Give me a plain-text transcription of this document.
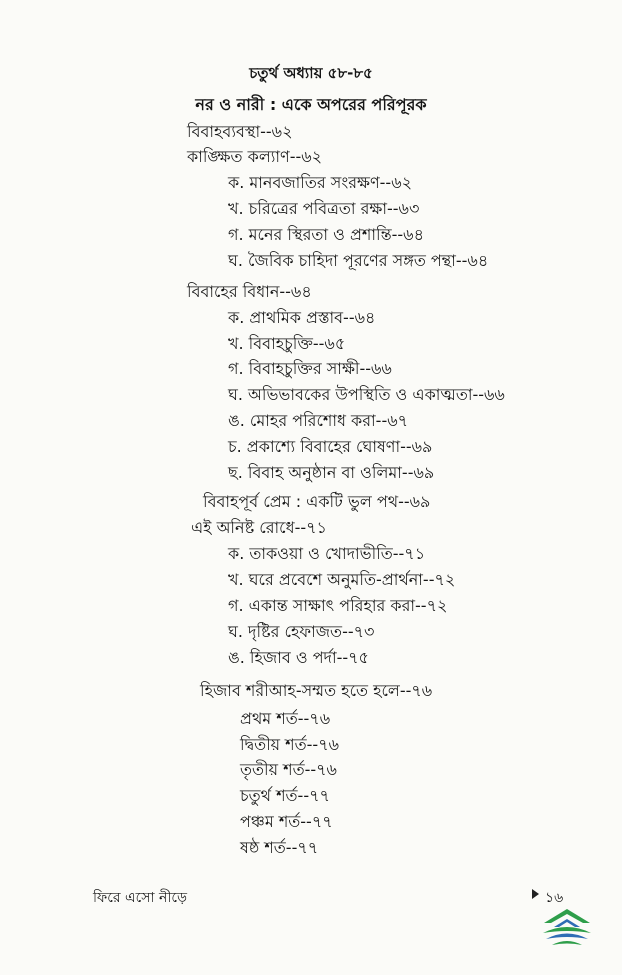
চতুর্থ অধ্যায় ৫৮-৮৫
নর ও নারী : একে অপরের পরিপূরক
বিবাহব্যবস্থা--৬২
কাঙ্ক্ষিত কল্যাণ--৬২
ক. মানবজাতির সংরক্ষণ--৬২
খ. চরিত্রের পবিত্রতা রক্ষা--৬৩
গ. মনের স্থিরতা ও প্রশান্তি--৬৪
ঘ. জৈবিক চাহিদা পূরণের সঙ্গত পন্থা--৬৪
বিবাহের বিধান--৬৪
ক. প্রাথমিক প্রস্তাব--৬৪
খ. বিবাহচুক্তি--৬৫
গ. বিবাহচুক্তির সাক্ষী--৬৬
ঘ. অভিভাবকের উপস্থিতি ও একাত্মতা--৬৬
ঙ. মোহর পরিশোধ করা--৬৭
চ. প্রকাশ্যে বিবাহের ঘোষণা--৬৯
ছ. বিবাহ অনুষ্ঠান বা ওলিমা--৬৯
বিবাহপূর্ব প্রেম : একটি ভুল পথ--৬৯
এই অনিষ্ট রোধে--৭১
ক. তাকওয়া ও খোদাভীতি--৭১
খ. ঘরে প্রবেশে অনুমতি-প্রার্থনা--৭২
গ. একান্ত সাক্ষাৎ পরিহার করা--৭২
ঘ. দৃষ্টির হেফাজত--৭৩
ঙ. হিজাব ও পর্দা--৭৫
হিজাব শরীআহ-সম্মত হতে হলে--৭৬
প্রথম শর্ত--৭৬
দ্বিতীয় শর্ত--৭৬
তৃতীয় শর্ত--৭৬
চতুর্থ শর্ত--৭৭
পঞ্চম শর্ত--৭৭
ষষ্ঠ শর্ত--৭৭
ফিরে এসো নীড়ে	১৬
